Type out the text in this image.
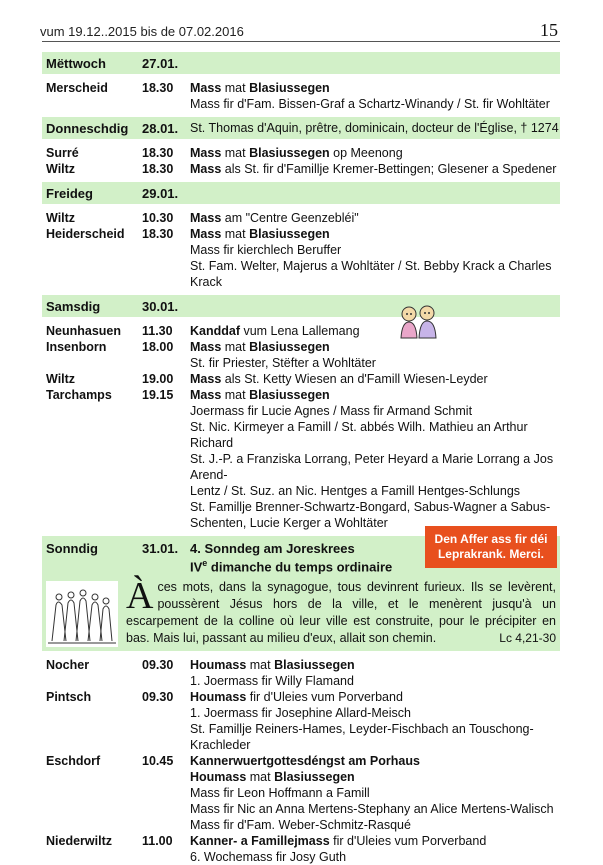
vum 19.12..2015 bis de 07.02.2016	15
Mëttwoch	27.01.
Merscheid	18.30	Mass mat Blasiussegen
Mass fir d'Fam. Bissen-Graf a Schartz-Winandy / St. fir Wohltäter
Donneschdig	28.01. St. Thomas d'Aquin, prêtre, dominicain, docteur de l'Église, † 1274
Surré	18.30	Mass mat Blasiussegen op Meenong
Wiltz	18.30	Mass als St. fir d'Famillje Kremer-Bettingen; Glesener a Spedener
Freideg	29.01.
Wiltz	10.30	Mass am "Centre Geenzebléi"
Heiderscheid	18.30	Mass mat Blasiussegen
Mass fir kierchlech Beruffer
St. Fam. Welter, Majerus a Wohltäter / St. Bebby Krack a Charles Krack
Samsdig	30.01.
Neunhasuen	11.30	Kanddaf vum Lena Lallemang
Insenborn	18.00	Mass mat Blasiussegen
St. fir Priester, Stëfter a Wohltäter
Wiltz	19.00	Mass als St. Ketty Wiesen an d'Famill Wiesen-Leyder
Tarchamps	19.15	Mass mat Blasiussegen
Joermass fir Lucie Agnes / Mass fir Armand Schmit
St. Nic. Kirmeyer a Famill / St. abbés Wilh. Mathieu an Arthur Richard
St. J.-P. a Franziska Lorrang, Peter Heyard a Marie Lorrang a Jos Arend-
Lentz / St. Suz. an Nic. Hentges a Famill Hentges-Schlungs
St. Famillje Brenner-Schwartz-Bongard, Sabus-Wagner a Sabus-
Schenten, Lucie Kerger a Wohltäter
Den Affer ass fir déi
Leprakrank. Merci.
Sonndig	31.01. 4. Sonndeg am Joreskrees
IVe dimanche du temps ordinaire
À ces mots, dans la synagogue, tous devinrent furieux. Ils se levèrent, poussèrent Jésus hors de la ville, et le menèrent jusqu'à un escarpement de la colline où leur ville est construite, pour le précipiter en bas. Mais lui, passant au milieu d'eux, allait son chemin.	Lc 4,21-30
Nocher	09.30	Houmass mat Blasiussegen
1. Joermass fir Willy Flamand
Pintsch	09.30	Houmass fir d'Uleies vum Porverband
1. Joermass fir Josephine Allard-Meisch
St. Famillje Reiners-Hames, Leyder-Fischbach an Touschong-Krachleder
Eschdorf	10.45	Kannerwuertgottesdéngst am Porhaus
Houmass mat Blasiussegen
Mass fir Leon Hoffmann a Famill
Mass fir Nic an Anna Mertens-Stephany an Alice Mertens-Walisch
Mass fir d'Fam. Weber-Schmitz-Rasqué
Niederwiltz	11.00	Kanner- a Famillejmass fir d'Uleies vum Porverband
6. Wochemass fir Josy Guth
